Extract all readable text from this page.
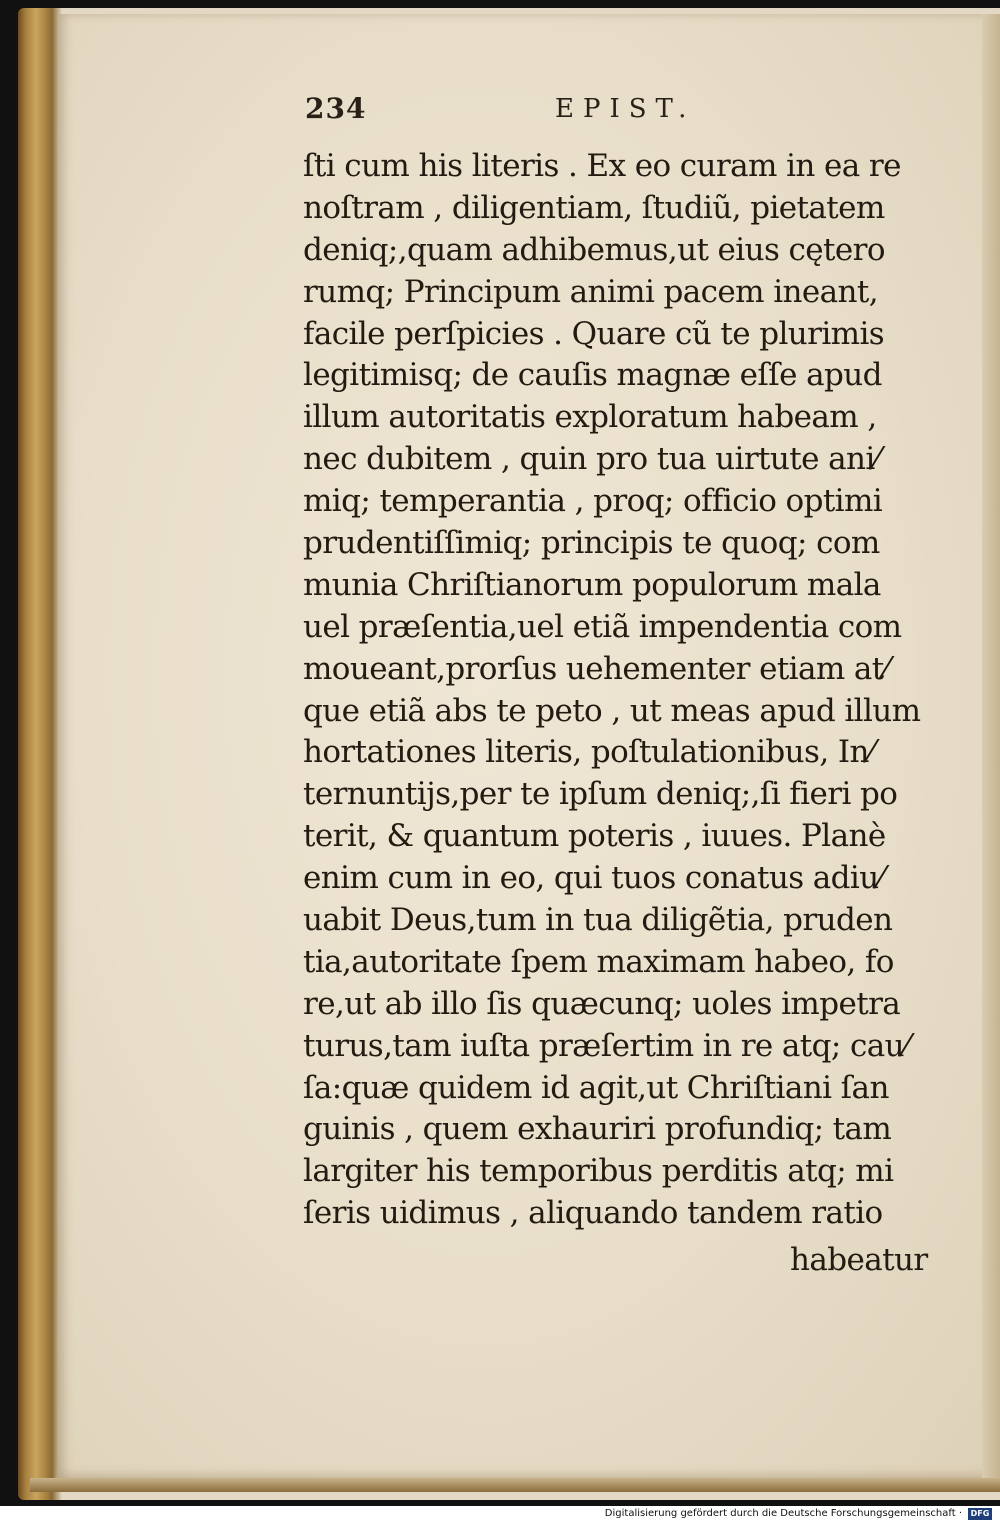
234	EPIST.
ſti cum his literis . Ex eo curam in ea re
noſtram , diligentiam, ſtudiũ, pietatem
deniq;,quam adhibemus,ut eius cętero
rumq; Principum animi pacem ineant,
facile perſpicies . Quare cũ te plurimis
legitimisq; de cauſis magnæ eſſe apud
illum autoritatis exploratum habeam ,
nec dubitem , quin pro tua uirtute ani⁄
miq; temperantia , proq; officio optimi
prudentiſſimiq; principis te quoq; com
munia Chriſtianorum populorum mala
uel præſentia,uel etiã impendentia com
moueant,prorſus uehementer etiam at⁄
que etiã abs te peto , ut meas apud illum
hortationes literis, poſtulationibus, In⁄
ternuntijs,per te ipſum deniq;,ſi fieri po
terit, & quantum poteris , iuues. Planè
enim cum in eo, qui tuos conatus adiu⁄
uabit Deus,tum in tua diligẽtia, pruden
tia,autoritate ſpem maximam habeo, fo
re,ut ab illo ſis quæcunq; uoles impetra
turus,tam iuſta præſertim in re atq; cau⁄
ſa:quæ quidem id agit,ut Chriſtiani ſan
guinis , quem exhauriri profundiq; tam
largiter his temporibus perditis atq; mi
ſeris uidimus , aliquando tandem ratio
habeatur
Digitalisierung gefördert durch die Deutsche Forschungsgemeinschaft ·	DFG
